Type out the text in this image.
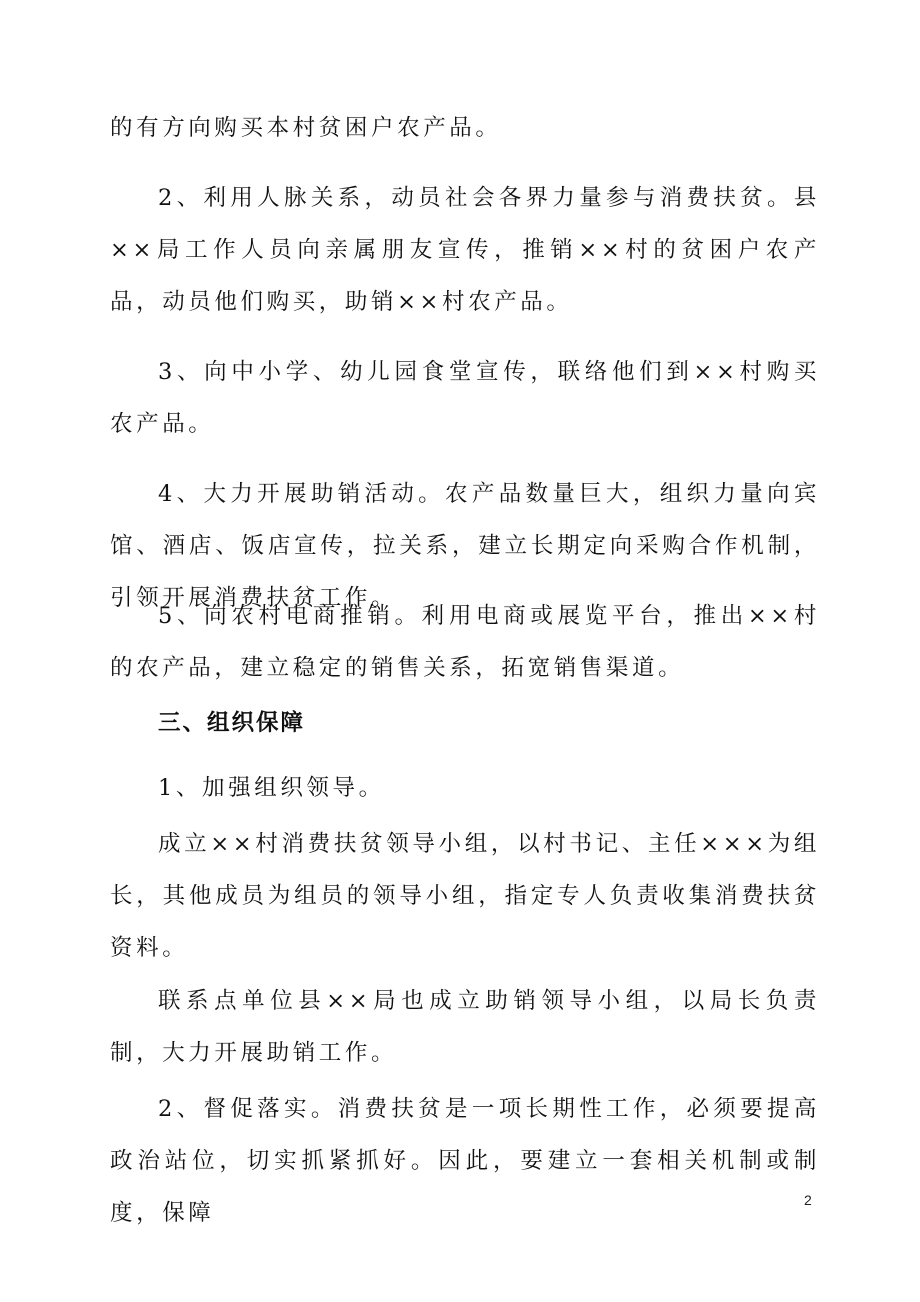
的有方向购买本村贫困户农产品。

2、利用人脉关系，动员社会各界力量参与消费扶贫。县××局工作人员向亲属朋友宣传，推销××村的贫困户农产品，动员他们购买，助销××村农产品。

3、向中小学、幼儿园食堂宣传，联络他们到××村购买农产品。

4、大力开展助销活动。农产品数量巨大，组织力量向宾馆、酒店、饭店宣传，拉关系，建立长期定向采购合作机制，引领开展消费扶贫工作。

5、向农村电商推销。利用电商或展览平台，推出××村的农产品，建立稳定的销售关系，拓宽销售渠道。

三、组织保障

1、加强组织领导。

成立××村消费扶贫领导小组，以村书记、主任×××为组长，其他成员为组员的领导小组，指定专人负责收集消费扶贫资料。

联系点单位县××局也成立助销领导小组，以局长负责制，大力开展助销工作。

2、督促落实。消费扶贫是一项长期性工作，必须要提高政治站位，切实抓紧抓好。因此，要建立一套相关机制或制度，保障	2
